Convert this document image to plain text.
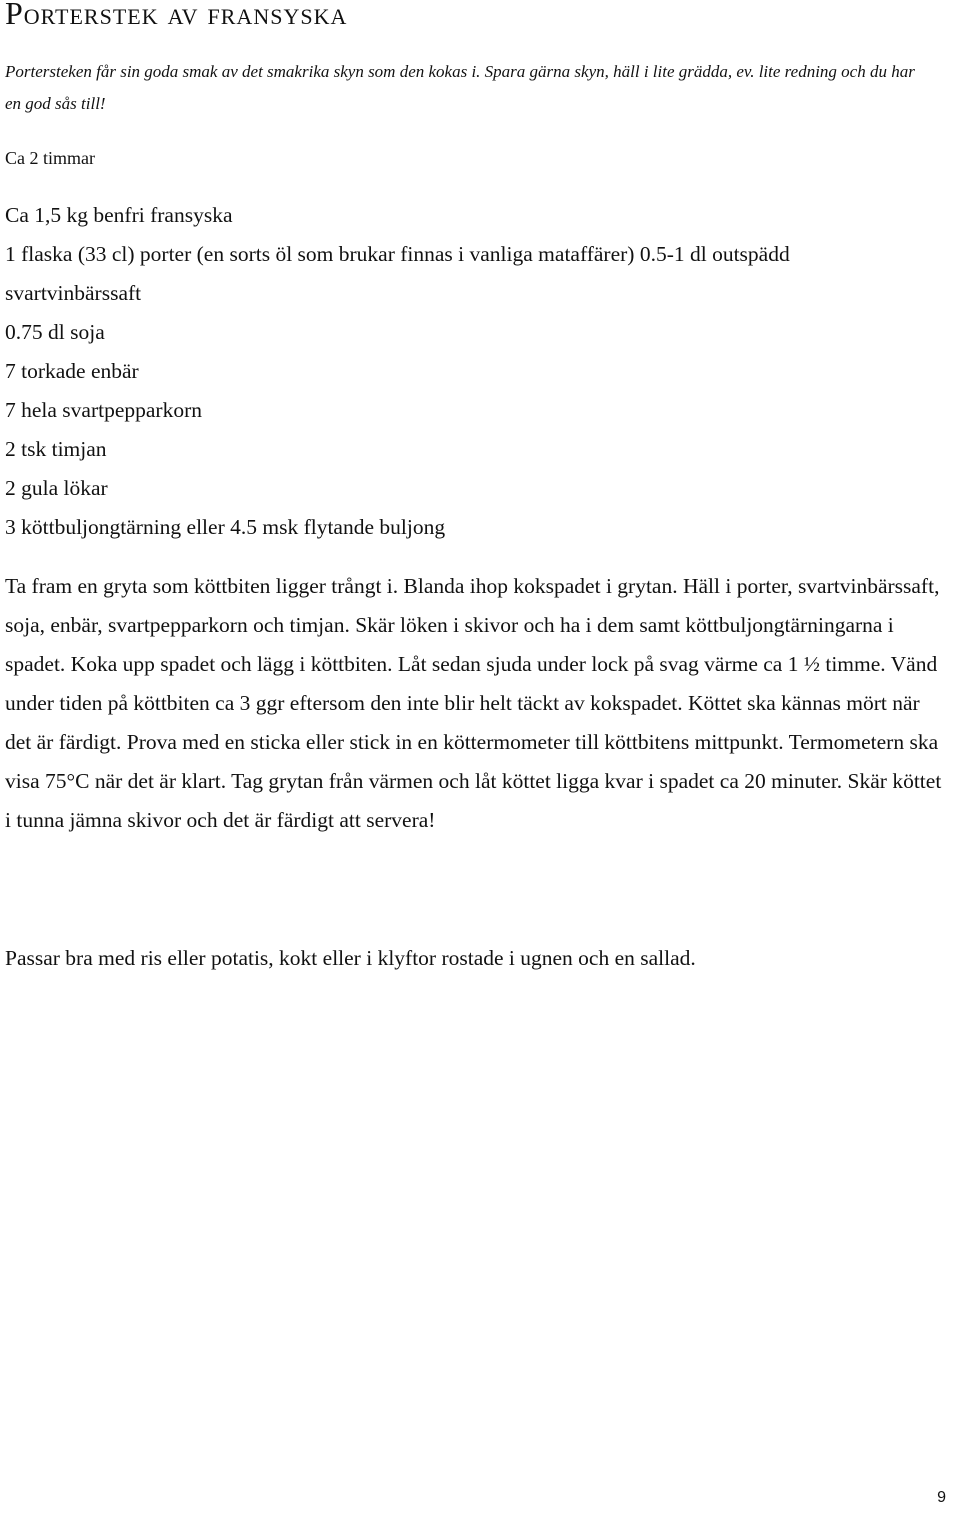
Porterstek av fransyska

Portersteken får sin goda smak av det smakrika skyn som den kokas i. Spara gärna skyn, häll i lite grädda, ev. lite redning och du har en god sås till!

Ca 2 timmar

Ca 1,5 kg benfri fransyska
1 flaska (33 cl) porter (en sorts öl som brukar finnas i vanliga mataffärer) 0.5-1 dl outspädd svartvinbärssaft
0.75 dl soja
7 torkade enbär
7 hela svartpepparkorn
2 tsk timjan
2 gula lökar
3 köttbuljongtärning eller 4.5 msk flytande buljong

Ta fram en gryta som köttbiten ligger trångt i. Blanda ihop kokspadet i grytan. Häll i porter, svartvinbärssaft, soja, enbär, svartpepparkorn och timjan. Skär löken i skivor och ha i dem samt köttbuljongtärningarna i spadet. Koka upp spadet och lägg i köttbiten. Låt sedan sjuda under lock på svag värme ca 1 ½ timme. Vänd under tiden på köttbiten ca 3 ggr eftersom den inte blir helt täckt av kokspadet. Köttet ska kännas mört när det är färdigt. Prova med en sticka eller stick in en köttermometer till köttbitens mittpunkt. Termometern ska visa 75°C när det är klart. Tag grytan från värmen och låt köttet ligga kvar i spadet ca 20 minuter. Skär köttet i tunna jämna skivor och det är färdigt att servera!

Passar bra med ris eller potatis, kokt eller i klyftor rostade i ugnen och en sallad.

9
